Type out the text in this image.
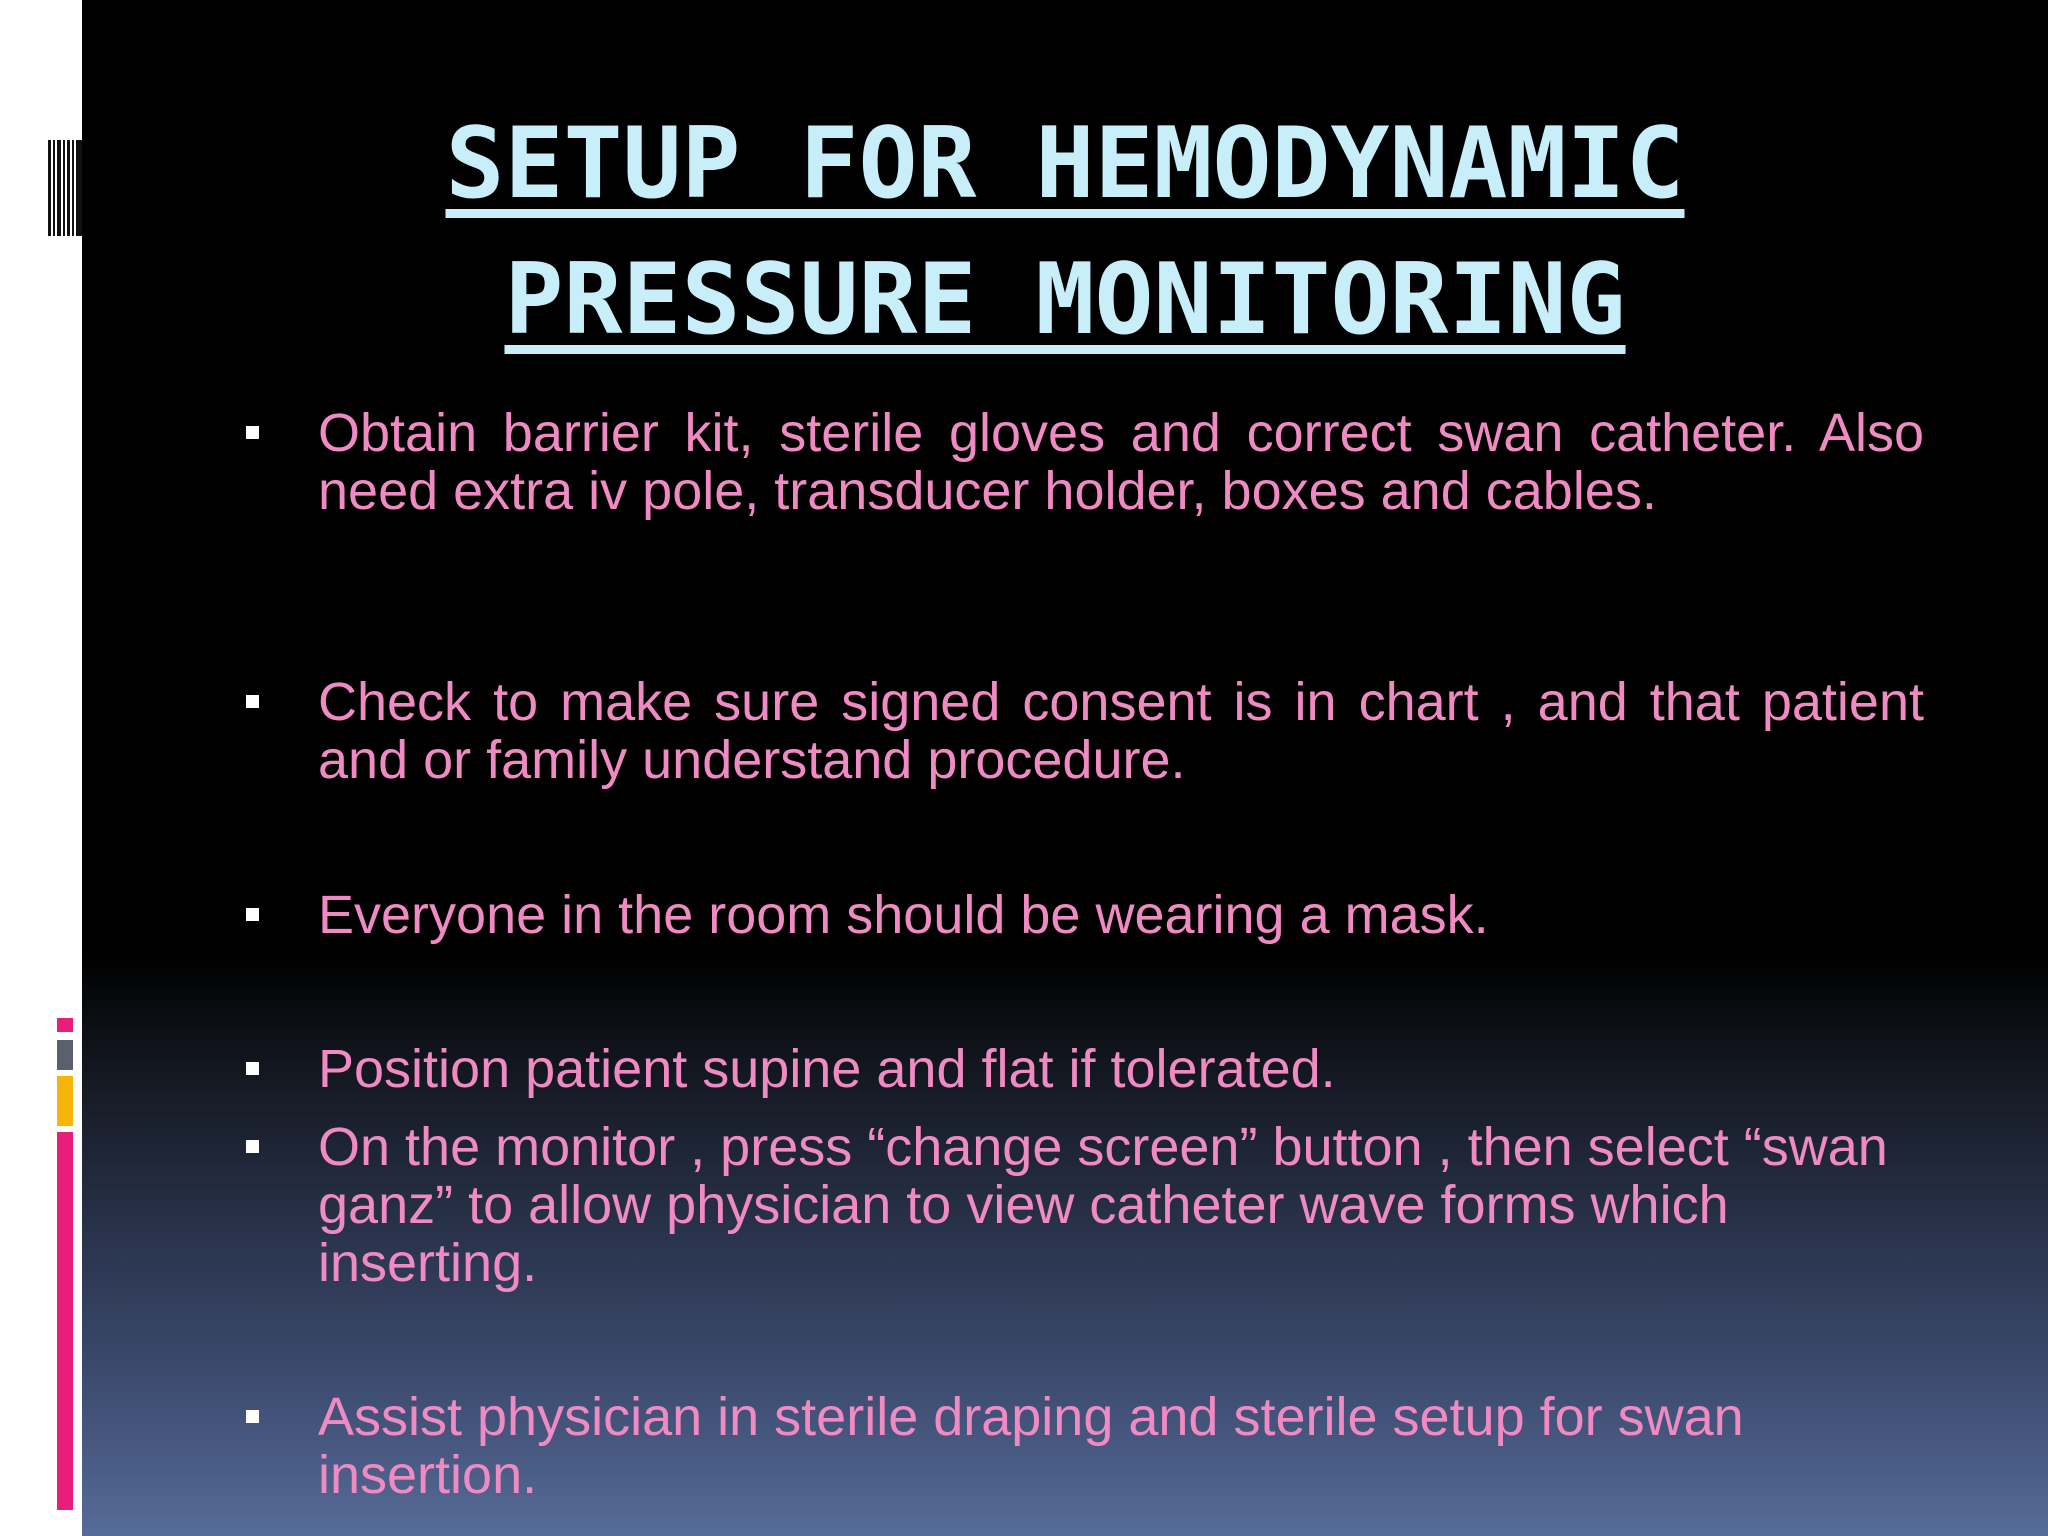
SETUP FOR HEMODYNAMIC
PRESSURE MONITORING
Obtain barrier kit, sterile gloves and correct swan catheter. Also need extra iv pole, transducer holder, boxes and cables.
Check to make sure signed consent is in chart , and that patient and or family understand procedure.
Everyone in the room should be wearing a mask.
Position patient supine and flat if tolerated.
On the monitor , press “change screen” button , then select “swan ganz” to allow physician to view catheter wave forms which inserting.
Assist physician in sterile draping and sterile setup for swan insertion.
